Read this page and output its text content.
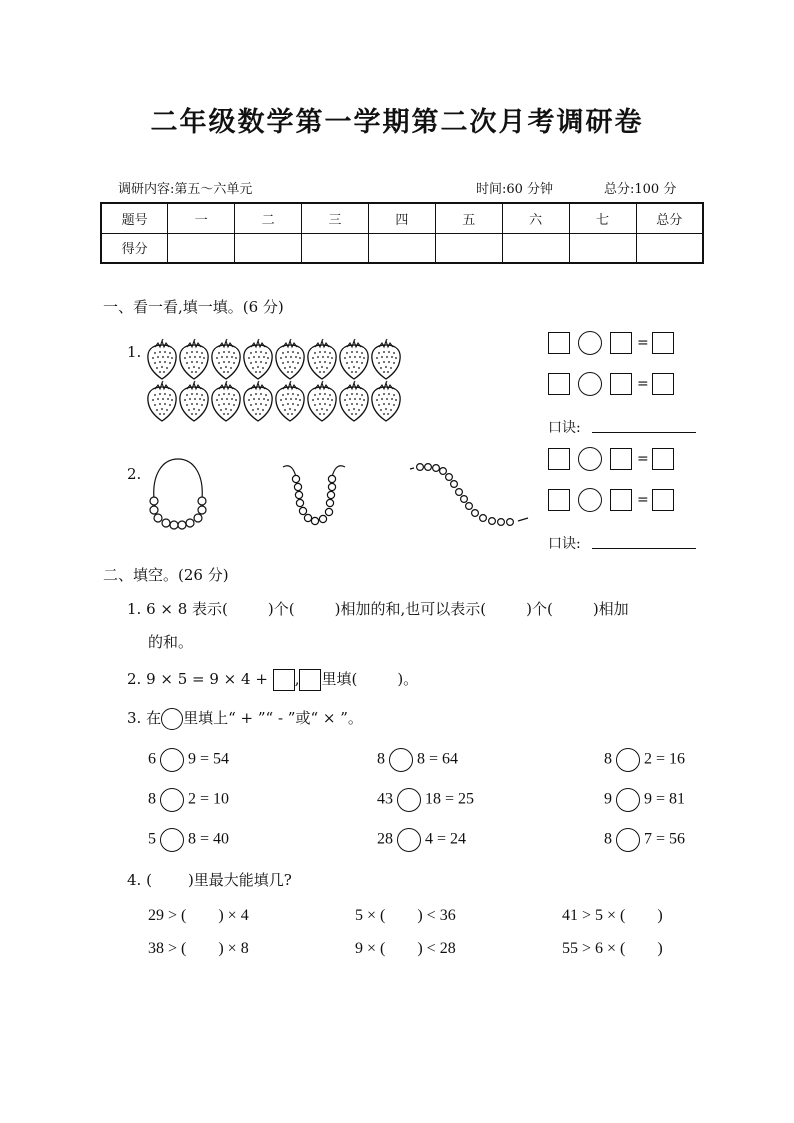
二年级数学第一学期第二次月考调研卷
调研内容:第五～六单元	时间:60 分钟	总分:100 分
题号	一	二	三	四	五	六	七	总分
得分								
一、看一看,填一填。(6 分)
1.	=
=
口诀:
2.
=
=
口诀:
二、填空。(26 分)
1. 6 × 8 表示(	)个(	)相加的和,也可以表示(	)个(	)相加
的和。
2. 9 × 5 = 9 × 4 + , 里填(	)。
3. 在 里填上“ + ”“ - ”或“ × ”。
6 9 = 54	8 8 = 64	8 2 = 16
8 2 = 10	43 18 = 25	9 9 = 81
5 8 = 40	28 4 = 24	8 7 = 56
4. ( )里最大能填几?
29 > (　　) × 4	5 × (　　) < 36	41 > 5 × (　　)
38 > (　　) × 8	9 × (　　) < 28	55 > 6 × (　　)
